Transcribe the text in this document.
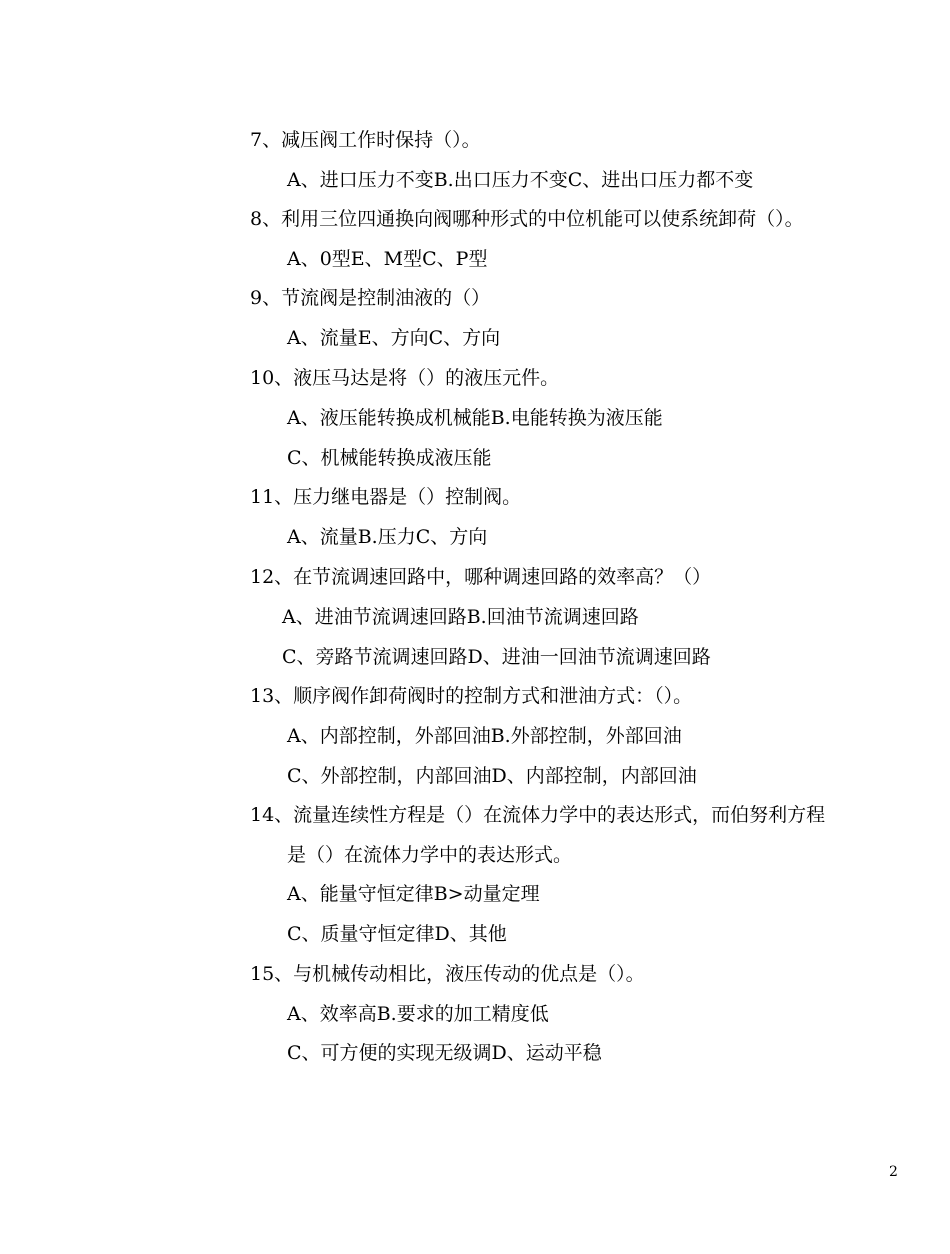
7、减压阀工作时保持（）。
A、进口压力不变B.出口压力不变C、进出口压力都不变
8、利用三位四通换向阀哪种形式的中位机能可以使系统卸荷（）。
A、0型E、M型C、P型
9、节流阀是控制油液的（）
A、流量E、方向C、方向
10、液压马达是将（）的液压元件。
A、液压能转换成机械能B.电能转换为液压能
C、机械能转换成液压能
11、压力继电器是（）控制阀。
A、流量B.压力C、方向
12、在节流调速回路中，哪种调速回路的效率高？（）
A、进油节流调速回路B.回油节流调速回路
C、旁路节流调速回路D、进油一回油节流调速回路
13、顺序阀作卸荷阀时的控制方式和泄油方式：（）。
A、内部控制，外部回油B.外部控制，外部回油
C、外部控制，内部回油D、内部控制，内部回油
14、流量连续性方程是（）在流体力学中的表达形式，而伯努利方程
是（）在流体力学中的表达形式。
A、能量守恒定律B>动量定理
C、质量守恒定律D、其他
15、与机械传动相比，液压传动的优点是（）。
A、效率高B.要求的加工精度低
C、可方便的实现无级调D、运动平稳
2
